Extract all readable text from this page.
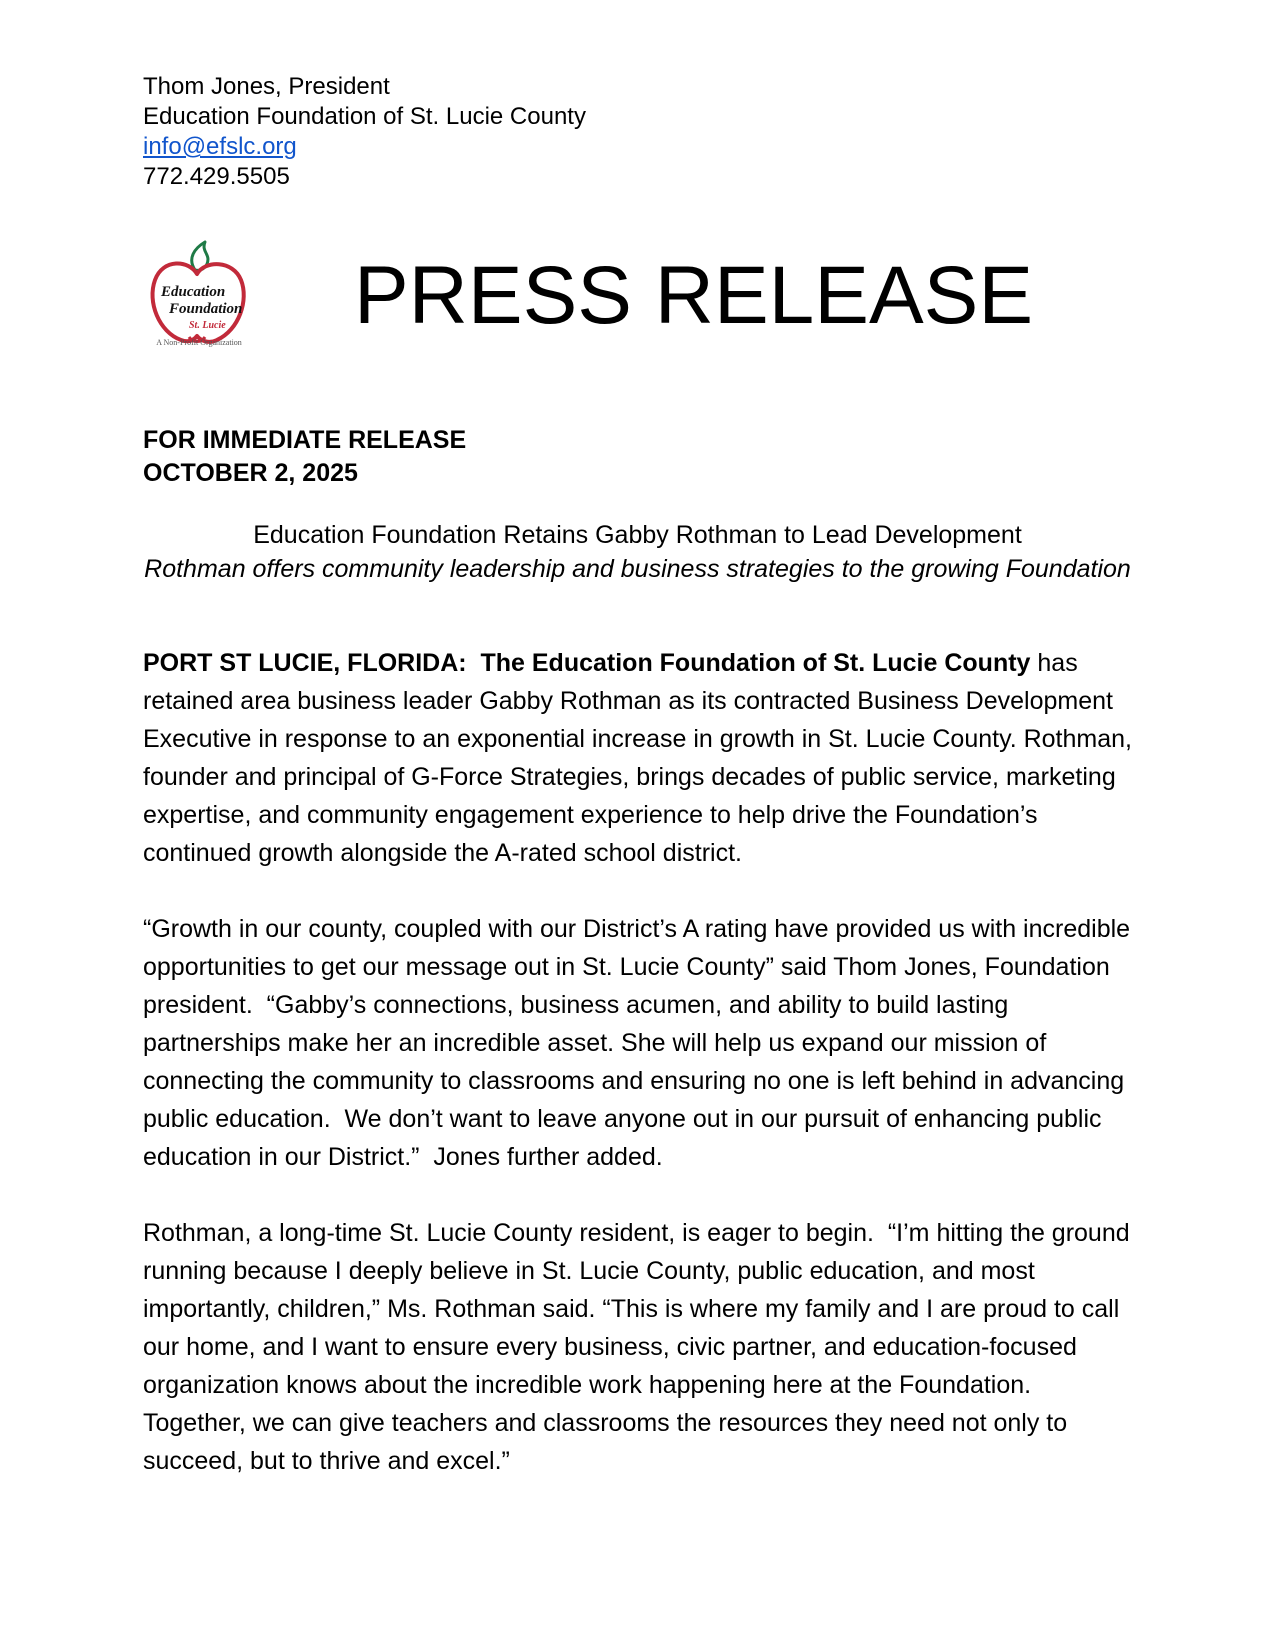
Thom Jones, President
Education Foundation of St. Lucie County
info@efslc.org
772.429.5505
Education
Foundation
St. Lucie
A Non-Profit Organization
PRESS RELEASE
FOR IMMEDIATE RELEASE
OCTOBER 2, 2025
Education Foundation Retains Gabby Rothman to Lead Development
Rothman offers community leadership and business strategies to the growing Foundation

PORT ST LUCIE, FLORIDA:  The Education Foundation of St. Lucie County has retained area business leader Gabby Rothman as its contracted Business Development Executive in response to an exponential increase in growth in St. Lucie County. Rothman, founder and principal of G-Force Strategies, brings decades of public service, marketing expertise, and community engagement experience to help drive the Foundation’s continued growth alongside the A-rated school district.

“Growth in our county, coupled with our District’s A rating have provided us with incredible opportunities to get our message out in St. Lucie County” said Thom Jones, Foundation president.  “Gabby’s connections, business acumen, and ability to build lasting partnerships make her an incredible asset. She will help us expand our mission of connecting the community to classrooms and ensuring no one is left behind in advancing public education.  We don’t want to leave anyone out in our pursuit of enhancing public education in our District.”  Jones further added.

Rothman, a long-time St. Lucie County resident, is eager to begin.  “I’m hitting the ground running because I deeply believe in St. Lucie County, public education, and most importantly, children,” Ms. Rothman said. “This is where my family and I are proud to call our home, and I want to ensure every business, civic partner, and education-focused organization knows about the incredible work happening here at the Foundation. Together, we can give teachers and classrooms the resources they need not only to succeed, but to thrive and excel.”
